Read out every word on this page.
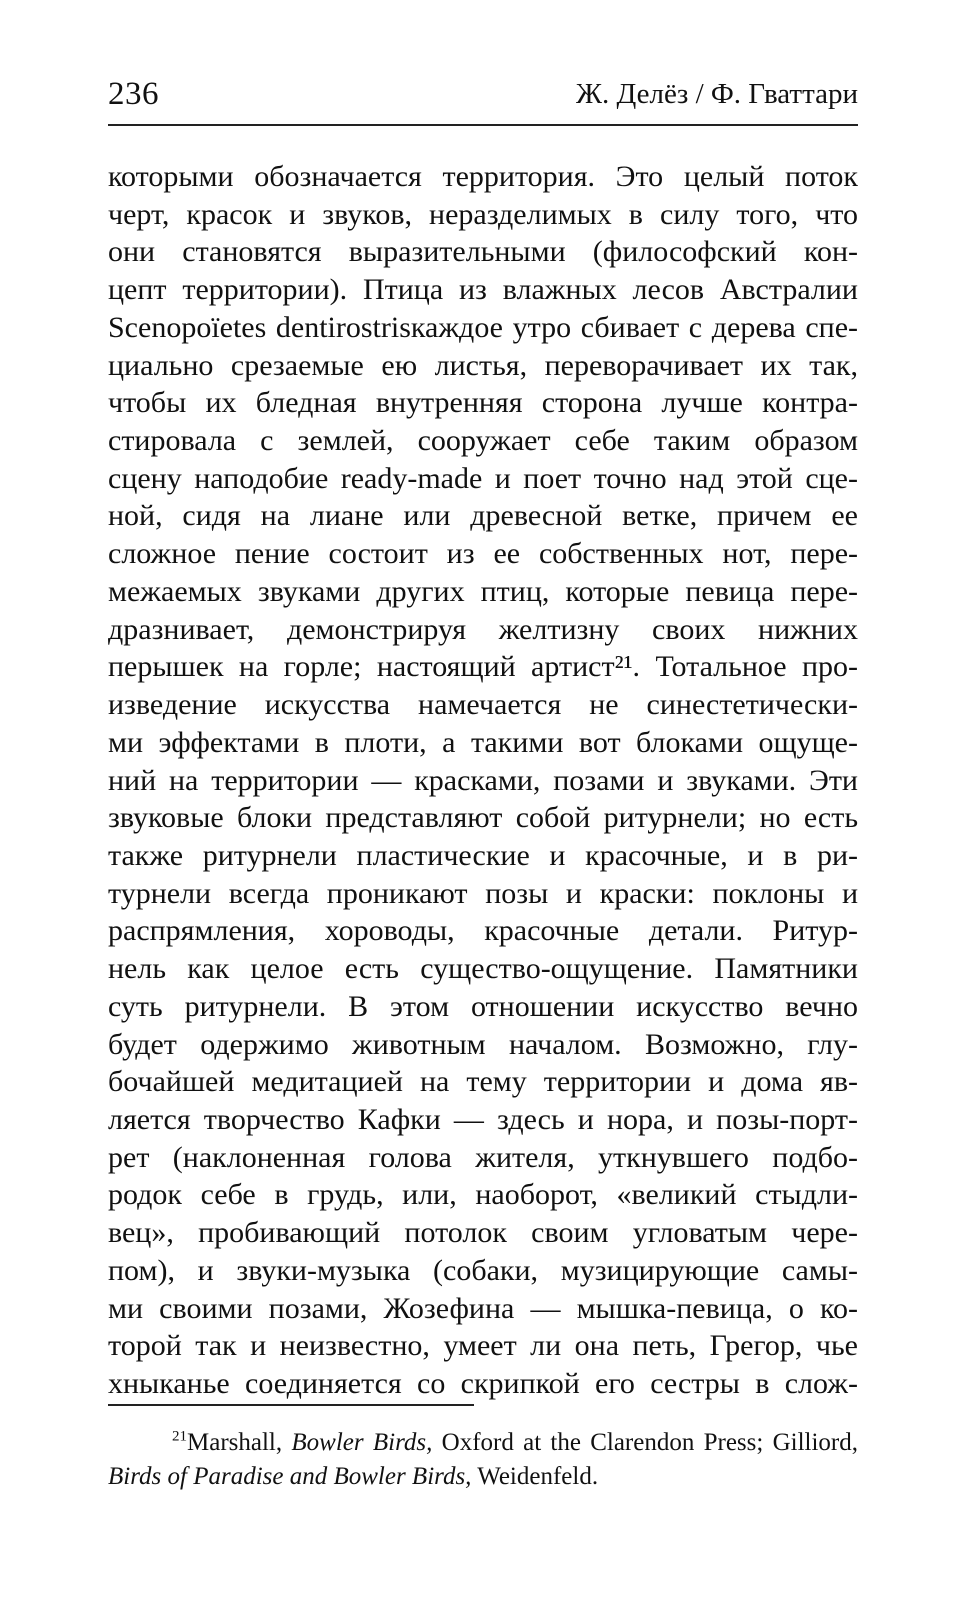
236	Ж. Делёз / Ф. Гваттари
которыми обозначается территория. Это целый поток
черт, красок и звуков, неразделимых в силу того, что
они становятся выразительными (философский кон-
цепт территории). Птица из влажных лесов Австралии
Scenopoïetes dentirostrisкаждое утро сбивает с дерева спе-
циально срезаемые ею листья, переворачивает их так,
чтобы их бледная внутренняя сторона лучше контра-
стировала с землей, сооружает себе таким образом
сцену наподобие ready-made и поет точно над этой сце-
ной, сидя на лиане или древесной ветке, причем ее
сложное пение состоит из ее собственных нот, пере-
межаемых звуками других птиц, которые певица пере-
дразнивает, демонстрируя желтизну своих нижних
перышек на горле; настоящий артист²¹. Тотальное про-
изведение искусства намечается не синестетически-
ми эффектами в плоти, а такими вот блоками ощуще-
ний на территории — красками, позами и звуками. Эти
звуковые блоки представляют собой ритурнели; но есть
также ритурнели пластические и красочные, и в ри-
турнели всегда проникают позы и краски: поклоны и
распрямления, хороводы, красочные детали. Ритур-
нель как целое есть существо-ощущение. Памятники
суть ритурнели. В этом отношении искусство вечно
будет одержимо животным началом. Возможно, глу-
бочайшей медитацией на тему территории и дома яв-
ляется творчество Кафки — здесь и нора, и позы-порт-
рет (наклоненная голова жителя, уткнувшего подбо-
родок себе в грудь, или, наоборот, «великий стыдли-
вец», пробивающий потолок своим угловатым чере-
пом), и звуки-музыка (собаки, музицирующие самы-
ми своими позами, Жозефина — мышка-певица, о ко-
торой так и неизвестно, умеет ли она петь, Грегор, чье
хныканье соединяется со скрипкой его сестры в слож-
$^{21}$Marshall, Bowler Birds, Oxford at the Clarendon Press; Gilliord,
Birds of Paradise and Bowler Birds, Weidenfeld.
